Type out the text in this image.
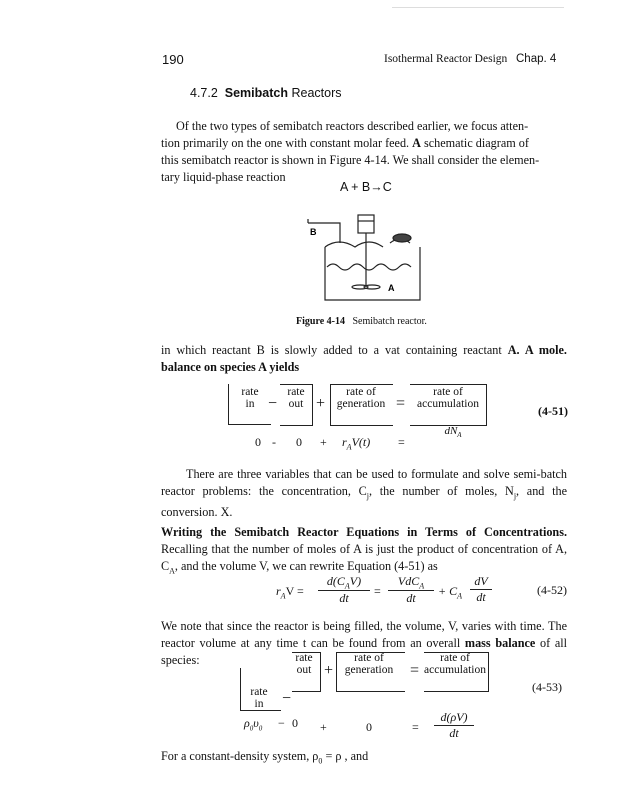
190	Isothermal Reactor Design Chap. 4
4.7.2 Semibatch Reactors
Of the two types of semibatch reactors described earlier, we focus atten-
tion primarily on the one with constant molar feed. A schematic diagram of
this semibatch reactor is shown in Figure 4-14. We shall consider the elemen-
tary liquid-phase reaction
A + B→C
B
A
Figure 4-14 Semibatch reactor.
in which reactant B is slowly added to a vat containing reactant A. A mole. balance on species A yields
rate
in −
rate
out +
rate of
generation =
rate of
accumulation	(4-51)
$0 - 0 + r_AV(t)$ =
$dN_A$
There are three variables that can be used to formulate and solve semi-batch reactor problems: the concentration, $C_j$, the number of moles, $N_j$, and the conversion. X.
Writing the Semibatch Reactor Equations in Terms of Concentrations. Recalling that the number of moles of A is just the product of concentration of A, $C_A$, and the volume V, we can rewrite Equation (4-51) as
$r_AV$ =
$d(C_AV)$
dt
=
VdC$_A$
dt
+ $C_A$
dV
dt	(4-52)
We note that since the reactor is being filled, the volume, V, varies with time. The reactor volume at any time t can be found from an overall mass balance of all species:
rate
in	−
rate
out +
rate of
generation	=
rate of
accumulation
(4-53)
$\rho_0\upsilon_0 - 0$ +	0	=
d(ρV)
dt
For a constant-density system, $\rho_0 = \rho$ , and
